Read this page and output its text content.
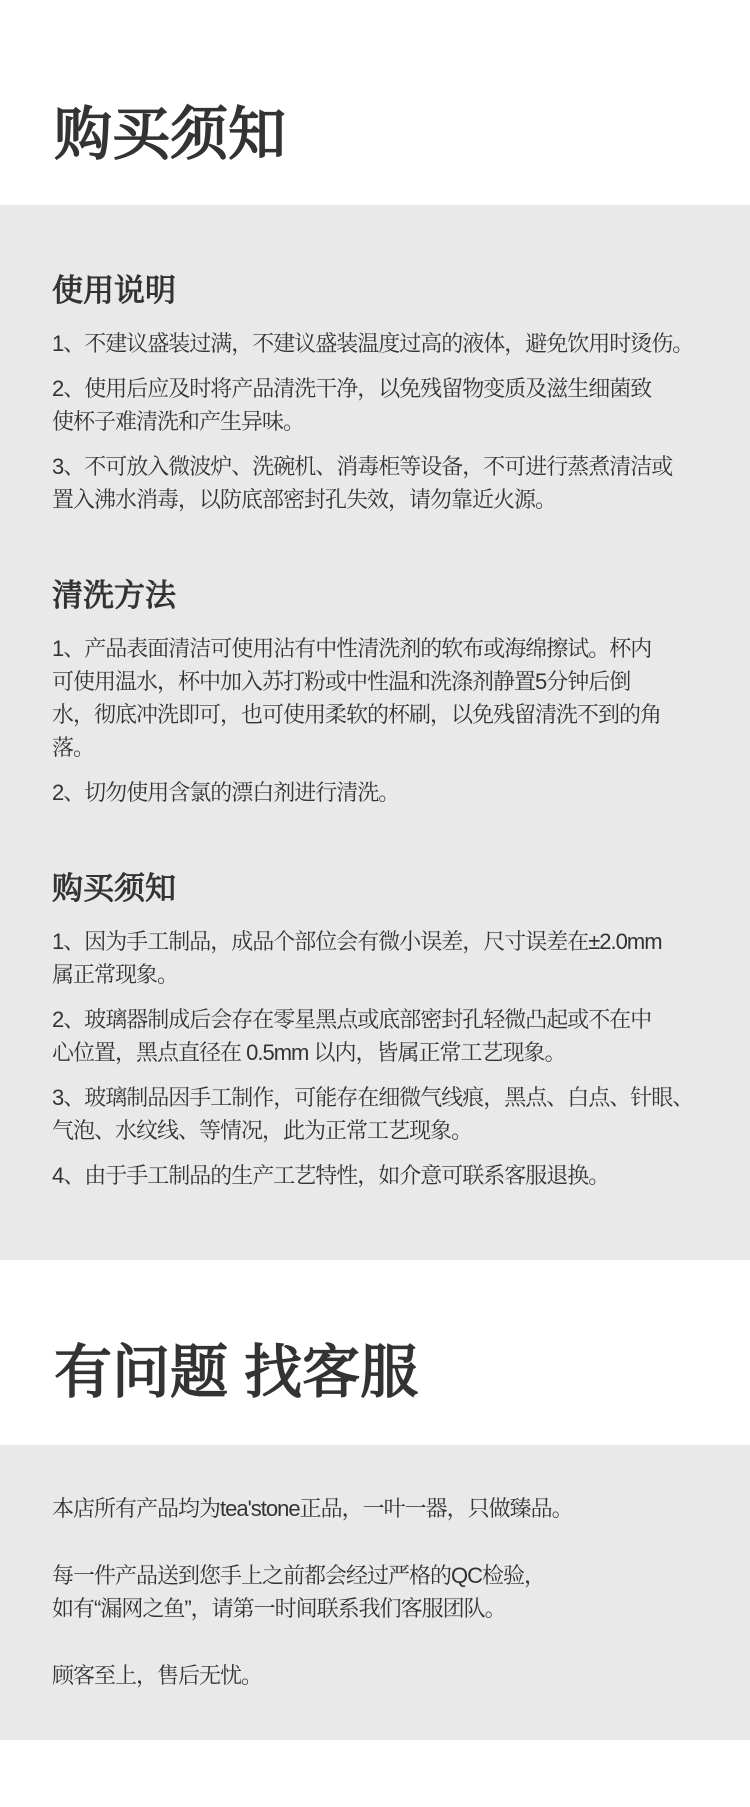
购买须知
使用说明

1、不建议盛装过满，不建议盛装温度过高的液体，避免饮用时烫伤。

2、使用后应及时将产品清洗干净，以免残留物变质及滋生细菌致
使杯子难清洗和产生异味。

3、不可放入微波炉、洗碗机、消毒柜等设备，不可进行蒸煮清洁或
置入沸水消毒，以防底部密封孔失效，请勿靠近火源。

清洗方法

1、产品表面清洁可使用沾有中性清洗剂的软布或海绵擦试。杯内
可使用温水，杯中加入苏打粉或中性温和洗涤剂静置5分钟后倒
水，彻底冲洗即可，也可使用柔软的杯刷，以免残留清洗不到的角
落。

2、切勿使用含氯的漂白剂进行清洗。

购买须知

1、因为手工制品，成品个部位会有微小误差，尺寸误差在±2.0mm
属正常现象。

2、玻璃器制成后会存在零星黑点或底部密封孔轻微凸起或不在中
心位置，黑点直径在 0.5mm 以内，皆属正常工艺现象。

3、玻璃制品因手工制作，可能存在细微气线痕，黑点、白点、针眼、
气泡、水纹线、等情况，此为正常工艺现象。

4、由于手工制品的生产工艺特性，如介意可联系客服退换。

有问题 找客服

本店所有产品均为tea'stone正品，一叶一器，只做臻品。

每一件产品送到您手上之前都会经过严格的QC检验，
如有“漏网之鱼”，请第一时间联系我们客服团队。

顾客至上，售后无忧。
